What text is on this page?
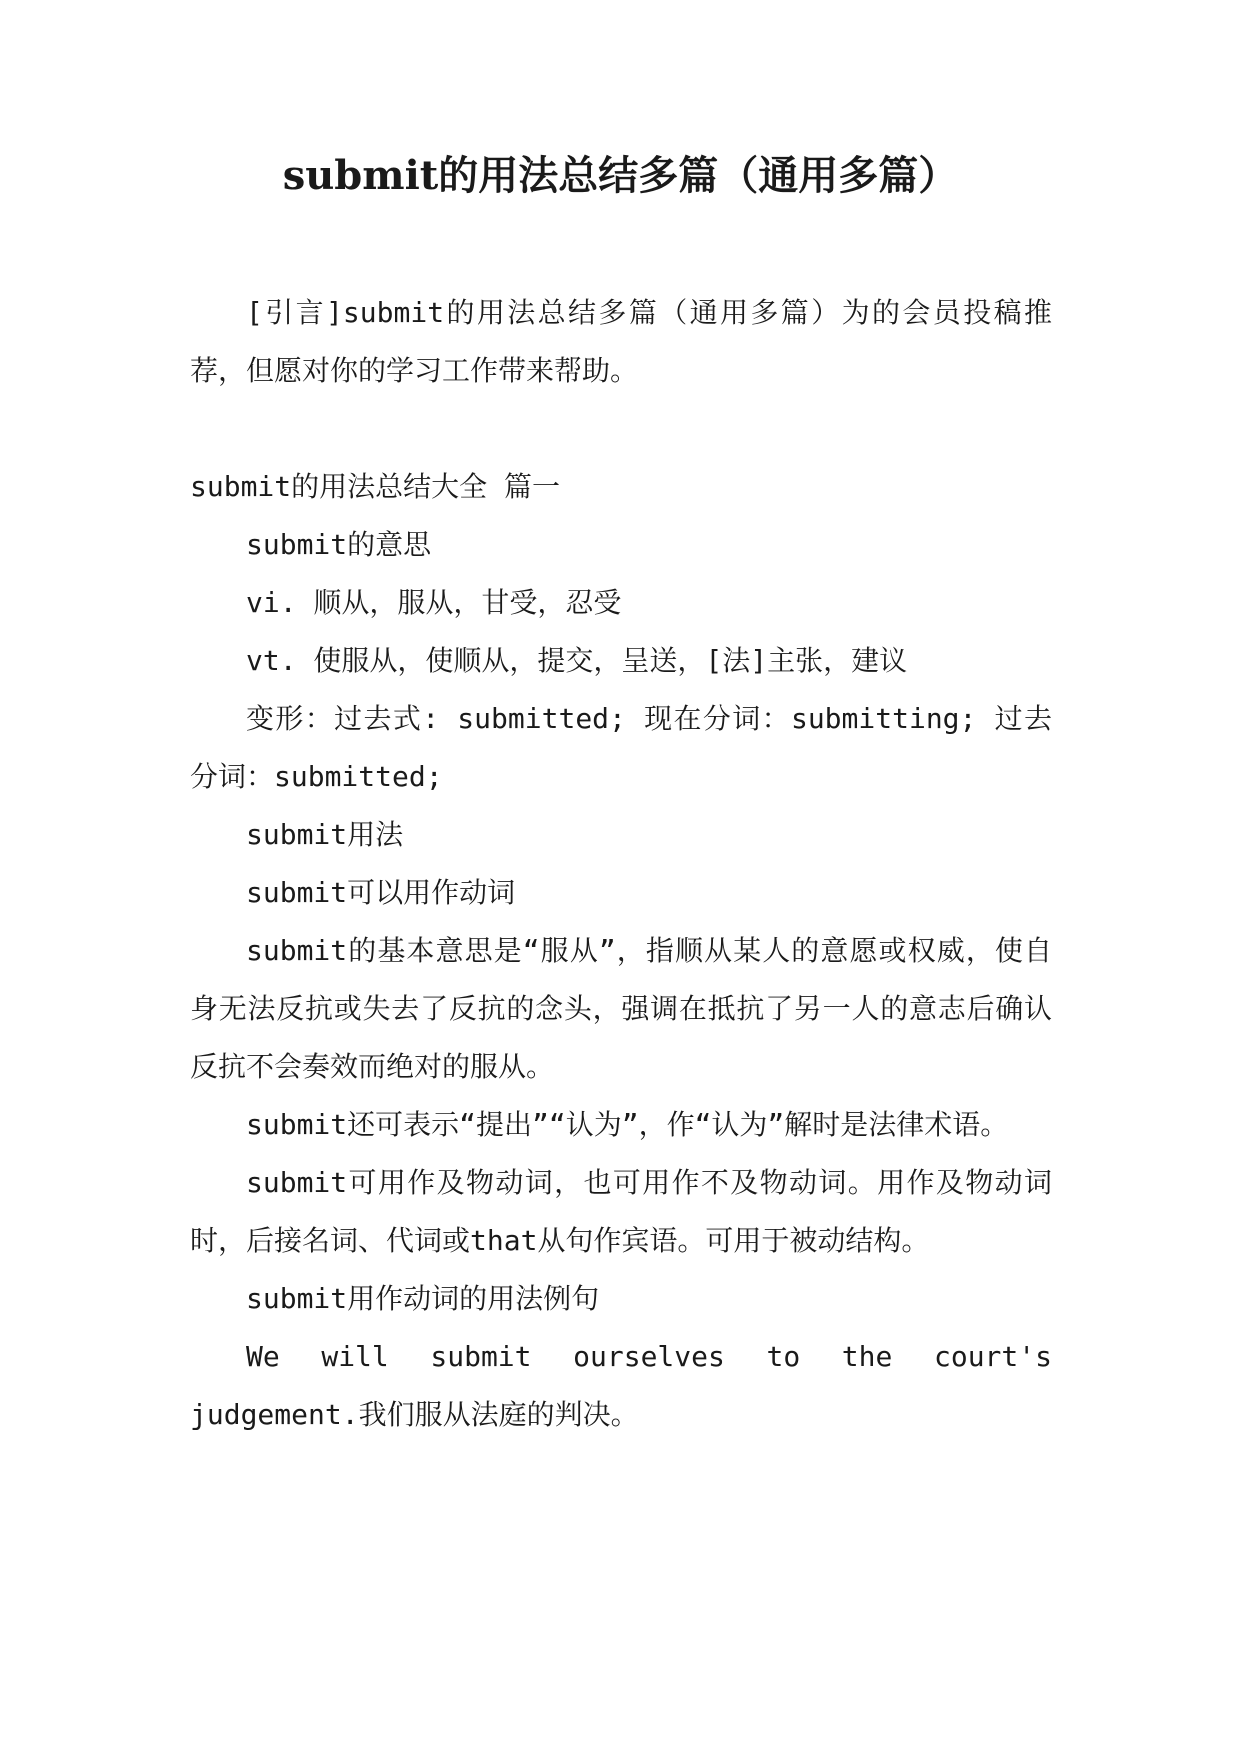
submit的用法总结多篇（通用多篇）

[引言]submit的用法总结多篇（通用多篇）为的会员投稿推荐，但愿对你的学习工作带来帮助。

submit的用法总结大全 篇一

submit的意思

vi. 顺从，服从，甘受，忍受

vt. 使服从，使顺从，提交，呈送，[法]主张，建议

变形：过去式: submitted; 现在分词：submitting; 过去分词：submitted;

submit用法

submit可以用作动词

submit的基本意思是“服从”，指顺从某人的意愿或权威，使自身无法反抗或失去了反抗的念头，强调在抵抗了另一人的意志后确认反抗不会奏效而绝对的服从。

submit还可表示“提出”“认为”，作“认为”解时是法律术语。

submit可用作及物动词，也可用作不及物动词。用作及物动词时，后接名词、代词或that从句作宾语。可用于被动结构。

submit用作动词的用法例句

We will submit ourselves to the court's

judgement.我们服从法庭的判决。
